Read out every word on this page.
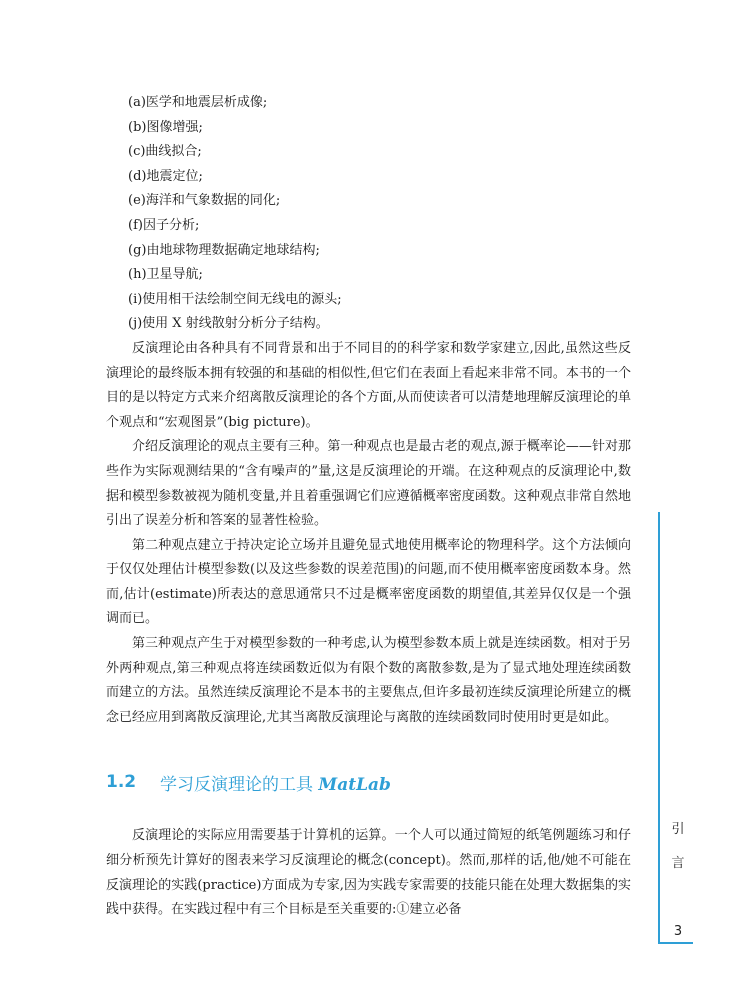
(a)医学和地震层析成像;
(b)图像增强;
(c)曲线拟合;
(d)地震定位;
(e)海洋和气象数据的同化;
(f)因子分析;
(g)由地球物理数据确定地球结构;
(h)卫星导航;
(i)使用相干法绘制空间无线电的源头;
(j)使用 X 射线散射分析分子结构。

反演理论由各种具有不同背景和出于不同目的的科学家和数学家建立,因此,虽然这些反演理论的最终版本拥有较强的和基础的相似性,但它们在表面上看起来非常不同。本书的一个目的是以特定方式来介绍离散反演理论的各个方面,从而使读者可以清楚地理解反演理论的单个观点和“宏观图景”(big picture)。

介绍反演理论的观点主要有三种。第一种观点也是最古老的观点,源于概率论——针对那些作为实际观测结果的“含有噪声的”量,这是反演理论的开端。在这种观点的反演理论中,数据和模型参数被视为随机变量,并且着重强调它们应遵循概率密度函数。这种观点非常自然地引出了误差分析和答案的显著性检验。

第二种观点建立于持决定论立场并且避免显式地使用概率论的物理科学。这个方法倾向于仅仅处理估计模型参数(以及这些参数的误差范围)的问题,而不使用概率密度函数本身。然而,估计(estimate)所表达的意思通常只不过是概率密度函数的期望值,其差异仅仅是一个强调而已。

第三种观点产生于对模型参数的一种考虑,认为模型参数本质上就是连续函数。相对于另外两种观点,第三种观点将连续函数近似为有限个数的离散参数,是为了显式地处理连续函数而建立的方法。虽然连续反演理论不是本书的主要焦点,但许多最初连续反演理论所建立的概念已经应用到离散反演理论,尤其当离散反演理论与离散的连续函数同时使用时更是如此。

1.2	学习反演理论的工具 MatLab

反演理论的实际应用需要基于计算机的运算。一个人可以通过简短的纸笔例题练习和仔细分析预先计算好的图表来学习反演理论的概念(concept)。然而,那样的话,他/她不可能在反演理论的实践(practice)方面成为专家,因为实践专家需要的技能只能在处理大数据集的实践中获得。在实践过程中有三个目标是至关重要的:①建立必备

引
言
3
